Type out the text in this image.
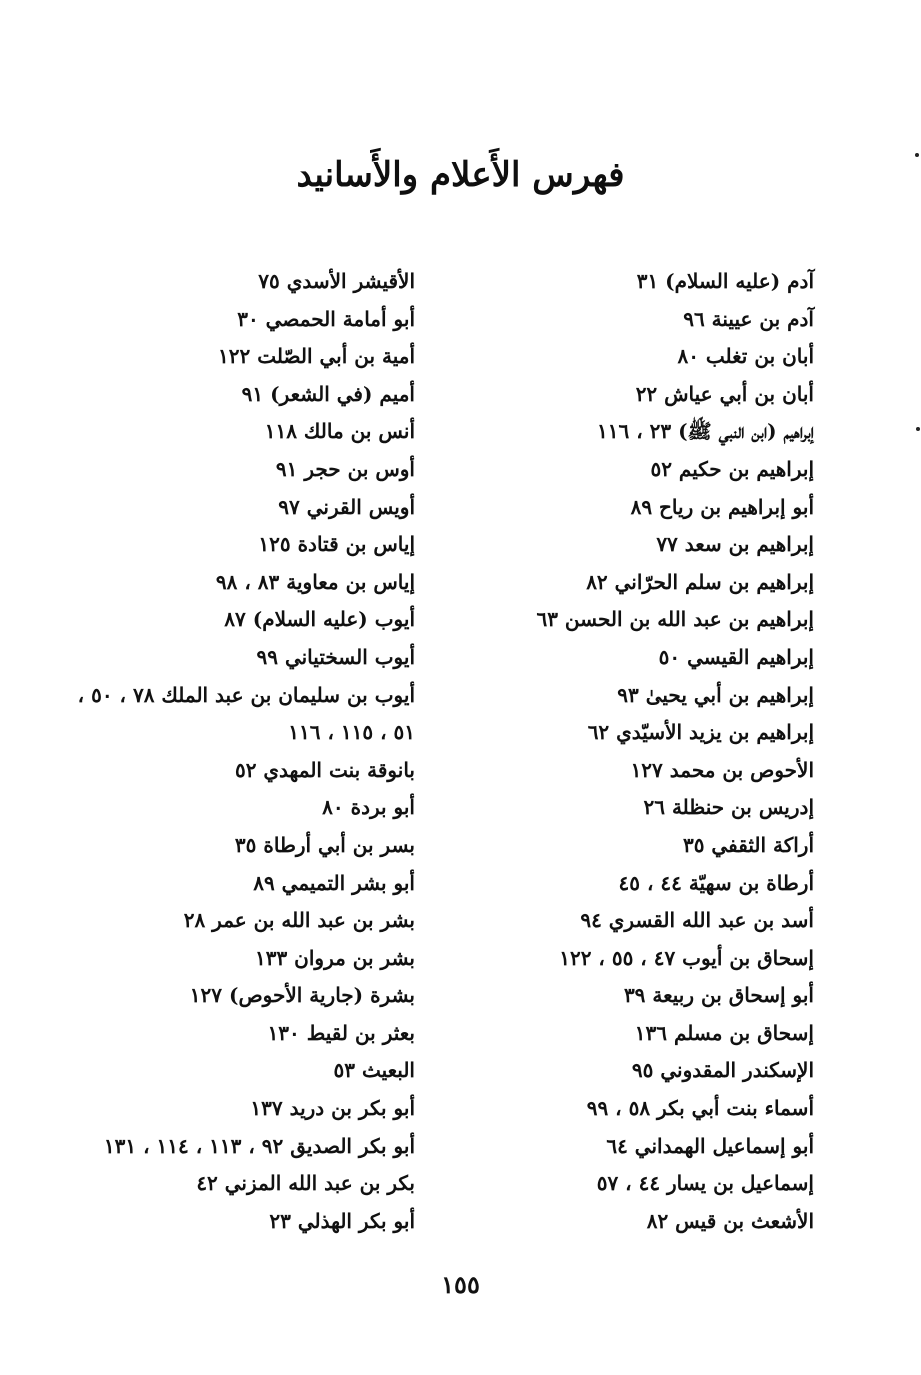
فهرس الأَعلام والأَسانيد
آدم (عليه السلام) ٣١
آدم بن عيينة ٩٦
أبان بن تغلب ٨٠
أبان بن أبي عياش ٢٢
إبراهيم (ابن النبي ﷺ) ٢٣ ، ١١٦
إبراهيم بن حكيم ٥٢
أبو إبراهيم بن رياح ٨٩
إبراهيم بن سعد ٧٧
إبراهيم بن سلم الحرّاني ٨٢
إبراهيم بن عبد الله بن الحسن ٦٣
إبراهيم القيسي ٥٠
إبراهيم بن أبي يحيىٰ ٩٣
إبراهيم بن يزيد الأسيّدي ٦٢
الأحوص بن محمد ١٢٧
إدريس بن حنظلة ٢٦
أراكة الثقفي ٣٥
أرطاة بن سهيّة ٤٤ ، ٤٥
أسد بن عبد الله القسري ٩٤
إسحاق بن أيوب ٤٧ ، ٥٥ ، ١٢٢
أبو إسحاق بن ربيعة ٣٩
إسحاق بن مسلم ١٣٦
الإسكندر المقدوني ٩٥
أسماء بنت أبي بكر ٥٨ ، ٩٩
أبو إسماعيل الهمداني ٦٤
إسماعيل بن يسار ٤٤ ، ٥٧
الأشعث بن قيس ٨٢
الأقيشر الأسدي ٧٥
أبو أمامة الحمصي ٣٠
أمية بن أبي الصّلت ١٢٢
أميم (في الشعر) ٩١
أنس بن مالك ١١٨
أوس بن حجر ٩١
أويس القرني ٩٧
إياس بن قتادة ١٢٥
إياس بن معاوية ٨٣ ، ٩٨
أيوب (عليه السلام) ٨٧
أيوب السختياني ٩٩
أيوب بن سليمان بن عبد الملك ٧٨ ، ٥٠ ،
٥١ ، ١١٥ ، ١١٦
بانوقة بنت المهدي ٥٢
أبو بردة ٨٠
بسر بن أبي أرطاة ٣٥
أبو بشر التميمي ٨٩
بشر بن عبد الله بن عمر ٢٨
بشر بن مروان ١٣٣
بشرة (جارية الأحوص) ١٢٧
بعثر بن لقيط ١٣٠
البعيث ٥٣
أبو بكر بن دريد ١٣٧
أبو بكر الصديق ٩٢ ، ١١٣ ، ١١٤ ، ١٣١
بكر بن عبد الله المزني ٤٢
أبو بكر الهذلي ٢٣
١٥٥
